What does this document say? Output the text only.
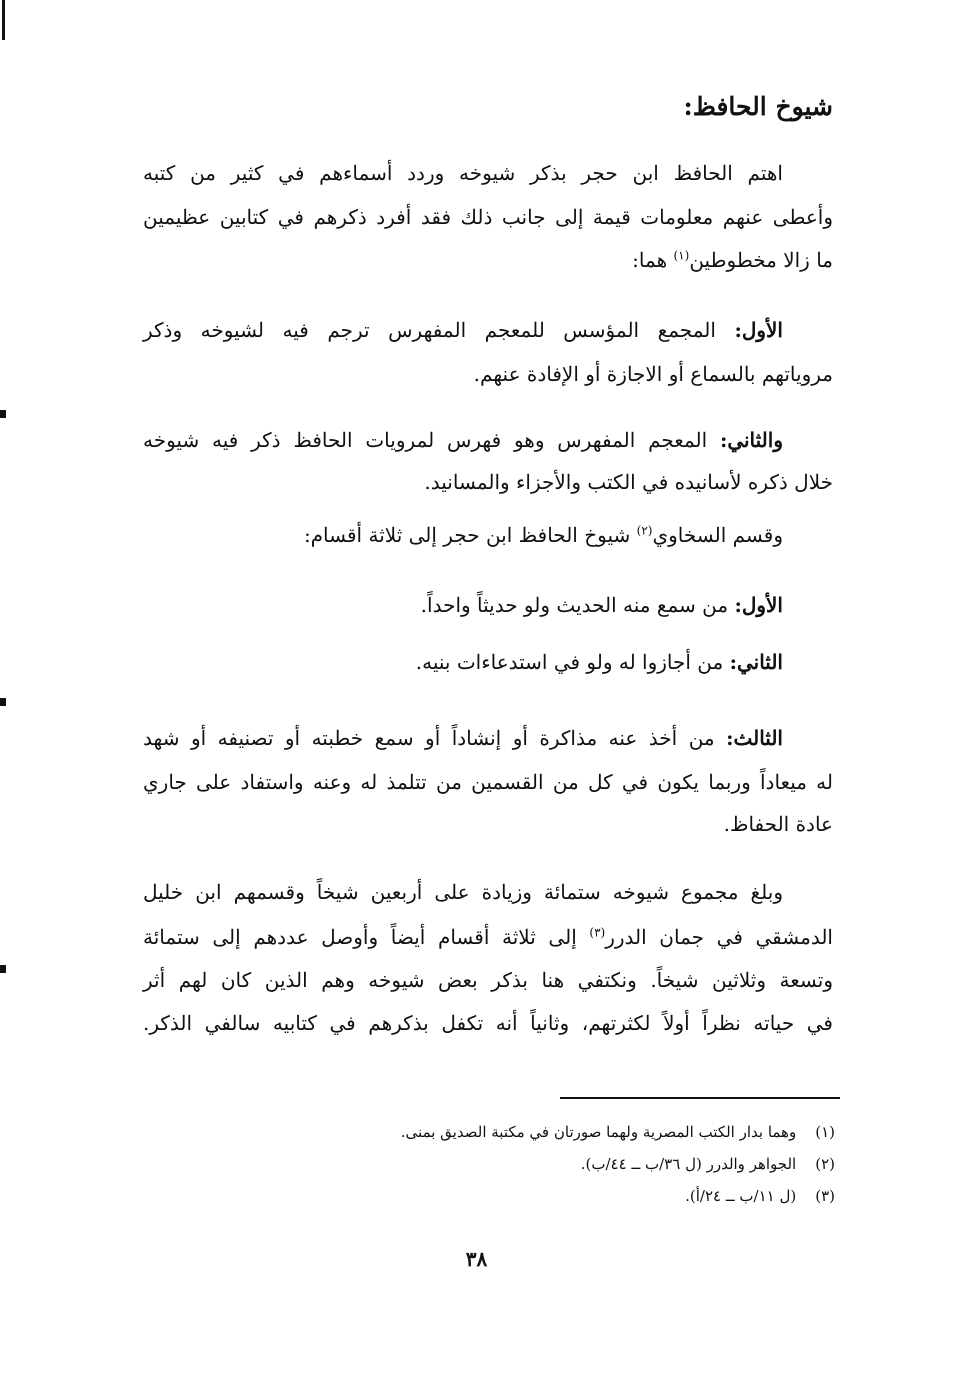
شيوخ الحافظ:
اهتم الحافظ ابن حجر بذكر شيوخه وردد أسماءهم في كثير من كتبه
وأعطى عنهم معلومات قيمة إلى جانب ذلك فقد أفرد ذكرهم في كتابين عظيمين
ما زالا مخطوطين$^{(١)}$ هما:
الأول: المجمع المؤسس للمعجم المفهرس ترجم فيه لشيوخه وذكر
مروياتهم بالسماع أو الاجازة أو الإفادة عنهم.
والثاني: المعجم المفهرس وهو فهرس لمرويات الحافظ ذكر فيه شيوخه
خلال ذكره لأسانيده في الكتب والأجزاء والمسانيد.
وقسم السخاوي$^{(٢)}$ شيوخ الحافظ ابن حجر إلى ثلاثة أقسام:
الأول: من سمع منه الحديث ولو حديثاً واحداً.
الثاني: من أجازوا له ولو في استدعاءات بنيه.
الثالث: من أخذ عنه مذاكرة أو إنشاداً أو سمع خطبته أو تصنيفه أو شهد
له ميعاداً وربما يكون في كل من القسمين من تتلمذ له وعنه واستفاد على جاري
عادة الحفاظ.
وبلغ مجموع شيوخه ستمائة وزيادة على أربعين شيخاً وقسمهم ابن خليل
الدمشقي في جمان الدرر$^{(٣)}$ إلى ثلاثة أقسام أيضاً وأوصل عددهم إلى ستمائة
وتسعة وثلاثين شيخاً. ونكتفي هنا بذكر بعض شيوخه وهم الذين كان لهم أثر
في حياته نظراً أولاً لكثرتهم، وثانياً أنه تكفل بذكرهم في كتابيه سالفي الذكر.
(١) وهما بدار الكتب المصرية ولهما صورتان في مكتبة الصديق بمنى.
(٢) الجواهر والدرر (ل ٣٦/ب ــ ٤٤/ب).
(٣) (ل ١١/ب ــ ٢٤/أ).
٣٨
